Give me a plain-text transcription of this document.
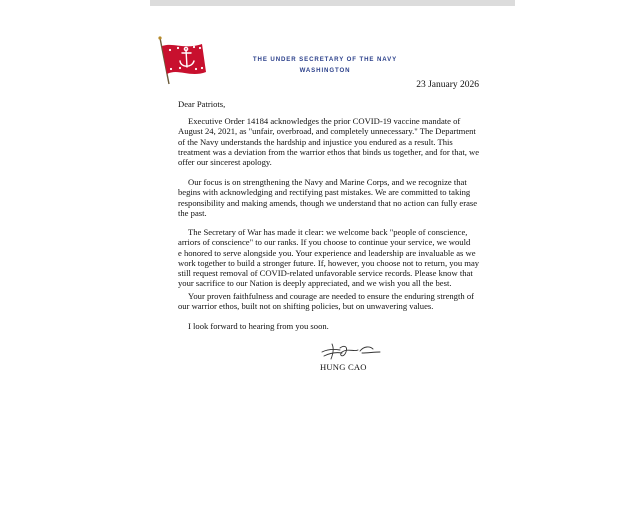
THE UNDER SECRETARY OF THE NAVY
WASHINGTON
23 January 2026
Dear Patriots,
Executive Order 14184 acknowledges the prior COVID-19 vaccine mandate of
August 24, 2021, as "unfair, overbroad, and completely unnecessary." The Department
of the Navy understands the hardship and injustice you endured as a result. This
treatment was a deviation from the warrior ethos that binds us together, and for that, we
offer our sincerest apology.
Our focus is on strengthening the Navy and Marine Corps, and we recognize that
begins with acknowledging and rectifying past mistakes. We are committed to taking
responsibility and making amends, though we understand that no action can fully erase
the past.
The Secretary of War has made it clear: we welcome back "people of conscience,
arriors of conscience" to our ranks. If you choose to continue your service, we would
e honored to serve alongside you. Your experience and leadership are invaluable as we
work together to build a stronger future. If, however, you choose not to return, you may
still request removal of COVID-related unfavorable service records. Please know that
your sacrifice to our Nation is deeply appreciated, and we wish you all the best.
Your proven faithfulness and courage are needed to ensure the enduring strength of
our warrior ethos, built not on shifting policies, but on unwavering values.
I look forward to hearing from you soon.
HUNG CAO
